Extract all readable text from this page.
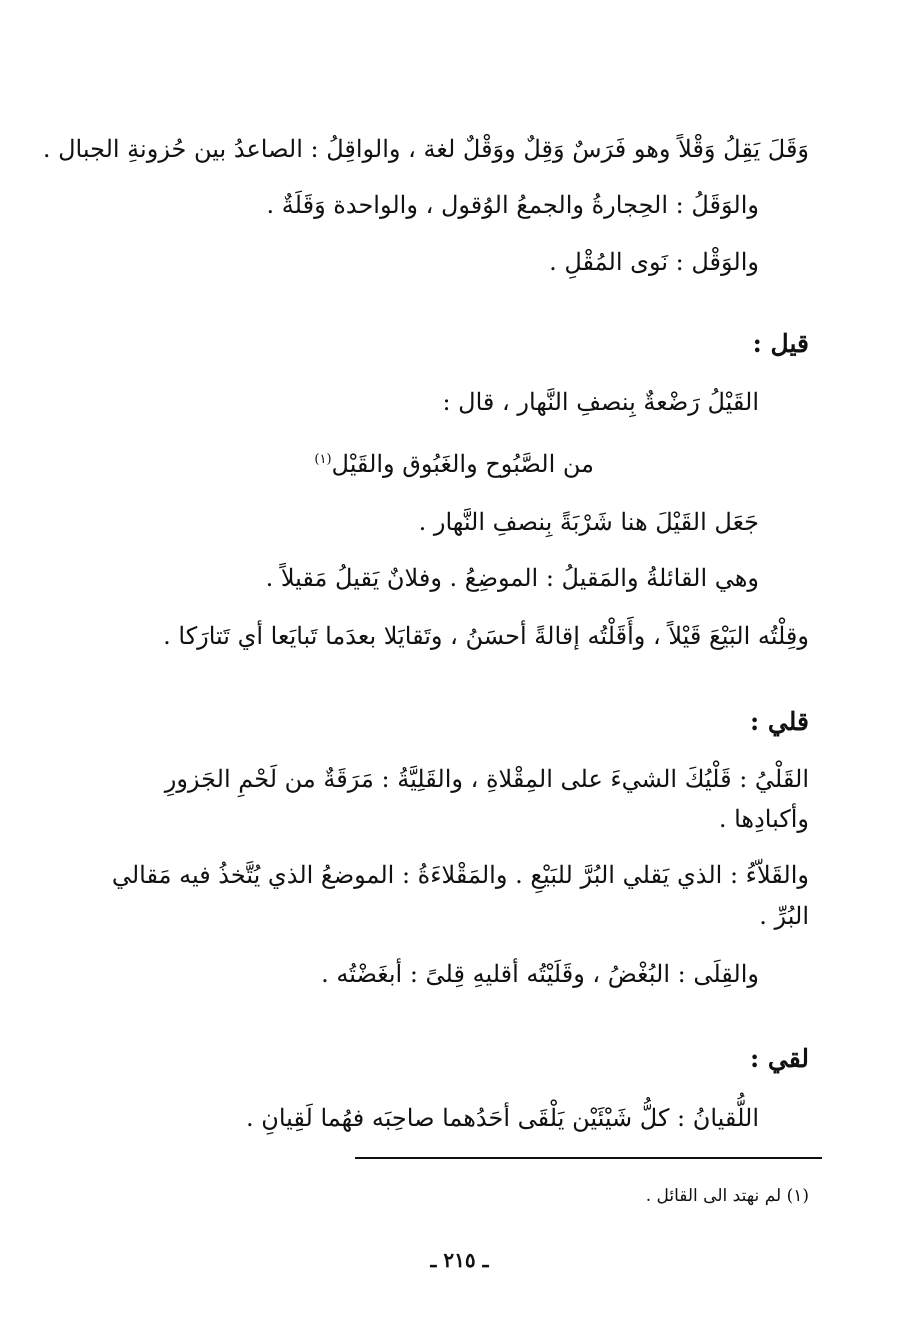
وَقَلَ يَقِلُ وَقْلاً وهو فَرَسٌ وَقِلٌ ووَقْلٌ لغة ، والواقِلُ : الصاعدُ بين حُزونةِ الجبال .
والوَقَلُ : الحِجارةُ والجمعُ الوُقول ، والواحدة وَقَلَةٌ .
والوَقْل : نَوى المُقْلِ .
قيل :
القَيْلُ رَضْعةٌ بِنصفِ النَّهار ، قال :
من الصَّبُوح والغَبُوق والقَيْل$^{(١)}$
جَعَل القَيْلَ هنا شَرْبَةً بِنصفِ النَّهار .
وهي القائلةُ والمَقيلُ : الموضِعُ . وفلانٌ يَقيلُ مَقيلاً .
وقِلْتُه البَيْعَ قَيْلاً ، وأَقَلْتُه إقالةً أحسَنُ ، وتَقايَلا بعدَما تَبايَعا أي تَتارَكا .
قلي :
القَلْيُ : قَلْيُكَ الشيءَ على المِقْلاةِ ، والقَلِيَّةُ : مَرَقَةٌ من لَحْمِ الجَزورِ
وأكبادِها .
والقَلاّءُ : الذي يَقلي البُرَّ للبَيْعِ . والمَقْلاءَةُ : الموضعُ الذي يُتَّخذُ فيه مَقالي
البُرِّ .
والقِلَى : البُغْضُ ، وقَلَيْتُه أقليهِ قِلىً : أبغَضْتُه .
لقي :
اللُّقيانُ : كلُّ شَيْئَيْن يَلْقَى أحَدُهما صاحِبَه فهُما لَقِيانِ .
(١) لم نهتد الى القائل .
ـ ٢١٥ ـ
